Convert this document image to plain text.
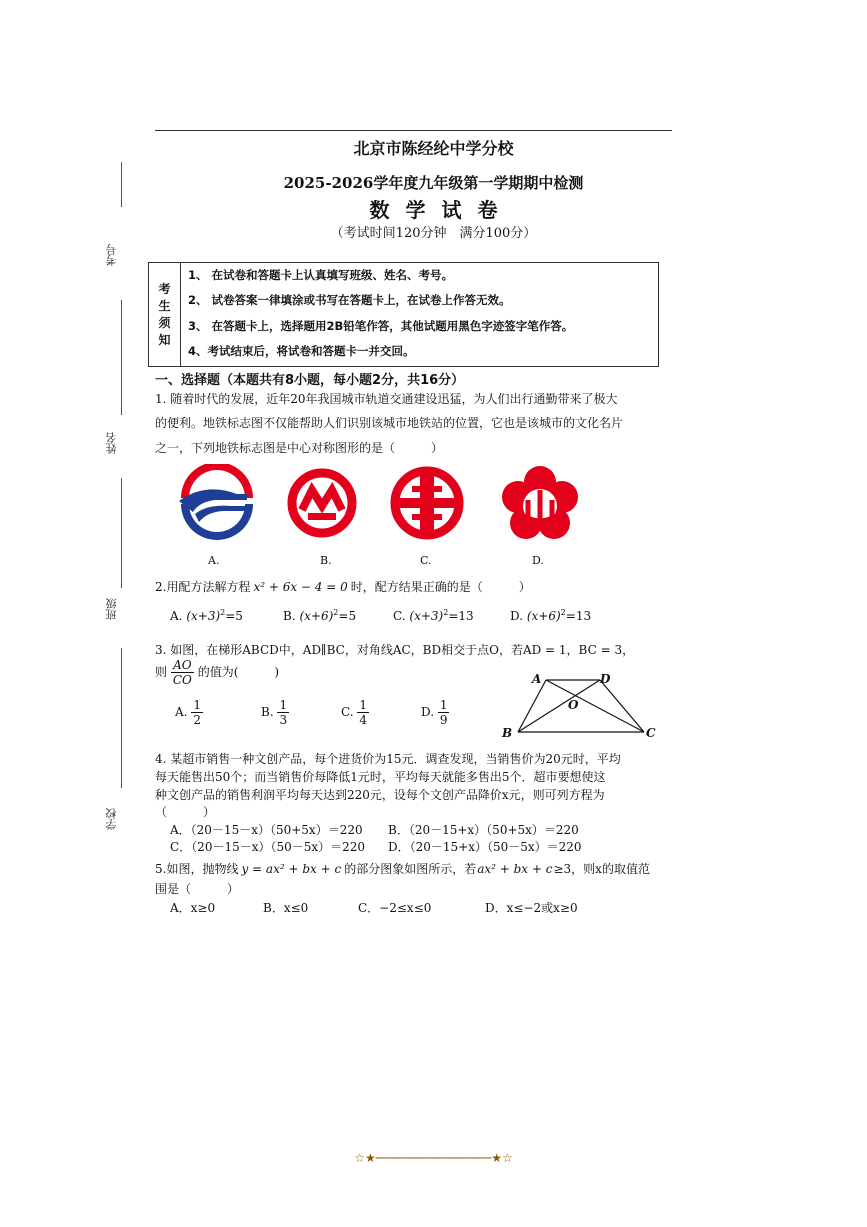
北京市陈经纶中学分校
2025-2026学年度九年级第一学期期中检测
数学试卷
（考试时间120分钟　满分100分）
考号
姓名
班级
学校
考
生
须
知
1、 在试卷和答题卡上认真填写班级、姓名、考号。
2、 试卷答案一律填涂或书写在答题卡上，在试卷上作答无效。
3、 在答题卡上，选择题用2B铅笔作答，其他试题用黑色字迹签字笔作答。
4、考试结束后，将试卷和答题卡一并交回。
一、选择题（本题共有8小题，每小题2分，共16分）
1. 随着时代的发展，近年20年我国城市轨道交通建设迅猛，为人们出行通勤带来了极大
的便利。地铁标志图不仅能帮助人们识别该城市地铁站的位置，它也是该城市的文化名片
之一，下列地铁标志图是中心对称图形的是（　　　）
A.	B.	C.	D.
2.用配方法解方程 x² + 6x − 4 = 0 时，配方结果正确的是（　　　）
A. $(x+3)^2=5$	B. $(x+6)^2=5$	C. $(x+3)^2=13$	D. $(x+6)^2=13$
3. 如图，在梯形ABCD中，AD∥BC，对角线AC，BD相交于点O，若AD = 1，BC = 3，
则 $\frac{AO}{CO}$ 的值为(　　　)
A. $\frac{1}{2}$	B. $\frac{1}{3}$	C. $\frac{1}{4}$	D. $\frac{1}{9}$
A	D
O
B	C
4. 某超市销售一种文创产品，每个进货价为15元．调查发现，当销售价为20元时，平均
每天能售出50个；而当销售价每降低1元时，平均每天就能多售出5个．超市要想使这
种文创产品的销售利润平均每天达到220元，设每个文创产品降价x元，则可列方程为
（　　　）
A．（20－15－x）（50+5x）＝220 B．（20－15+x）（50+5x）＝220
C．（20－15－x）（50－5x）＝220 D．（20－15+x）（50－5x）＝220
5.如图，抛物线 y = ax² + bx + c 的部分图象如图所示，若ax² + bx + c≥3，则x的取值范
围是（　　　）
A．x≥0	B．x≤0	C．−2≤x≤0	D．x≤−2或x≥0
☆★────────────────★☆
